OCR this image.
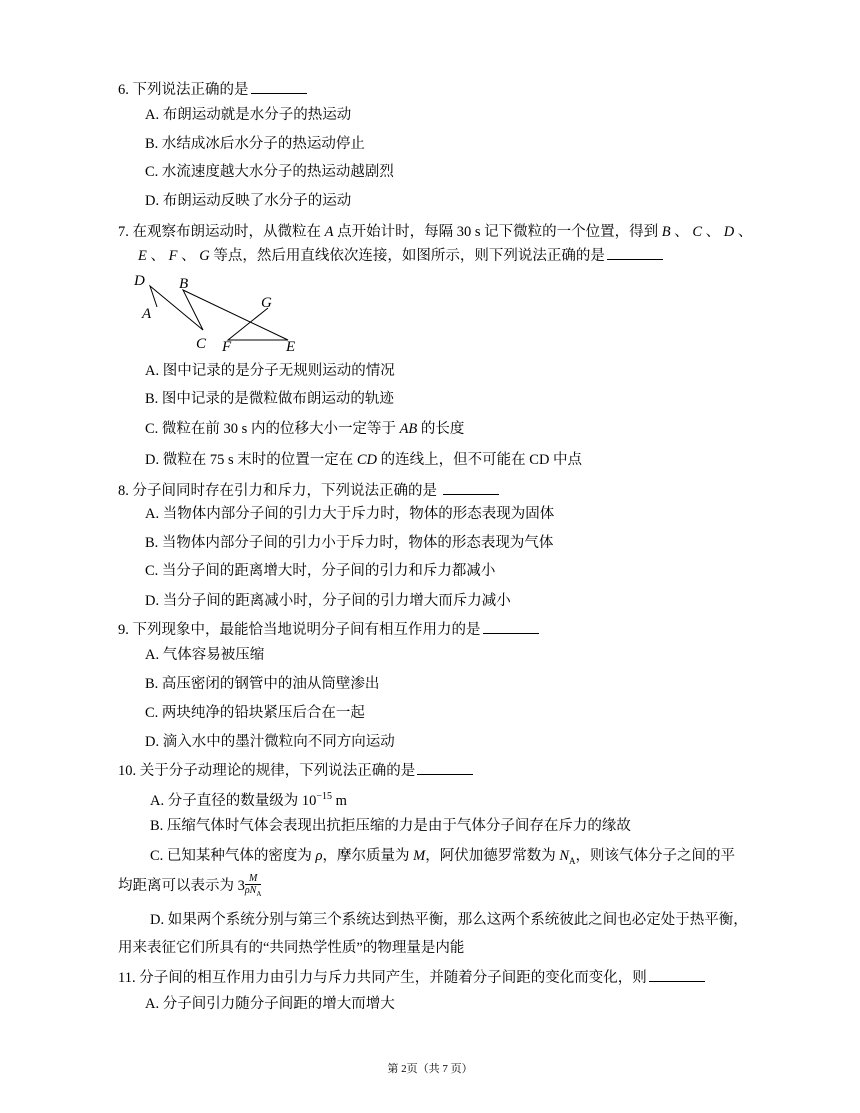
6. 下列说法正确的是
A. 布朗运动就是水分子的热运动
B. 水结成冰后水分子的热运动停止
C. 水流速度越大水分子的热运动越剧烈
D. 布朗运动反映了水分子的运动
7. 在观察布朗运动时，从微粒在 A 点开始计时，每隔 30 s 记下微粒的一个位置，得到 B 、 C 、 D 、
E 、 F 、 G 等点，然后用直线依次连接，如图所示，则下列说法正确的是
D B
A
C F	E
G
A. 图中记录的是分子无规则运动的情况
B. 图中记录的是微粒做布朗运动的轨迹
C. 微粒在前 30 s 内的位移大小一定等于 AB 的长度
D. 微粒在 75 s 末时的位置一定在 CD 的连线上，但不可能在 CD 中点
8. 分子间同时存在引力和斥力，下列说法正确的是
A. 当物体内部分子间的引力大于斥力时，物体的形态表现为固体
B. 当物体内部分子间的引力小于斥力时，物体的形态表现为气体
C. 当分子间的距离增大时，分子间的引力和斥力都减小
D. 当分子间的距离减小时，分子间的引力增大而斥力减小
9. 下列现象中，最能恰当地说明分子间有相互作用力的是
A. 气体容易被压缩
B. 高压密闭的钢管中的油从筒壁渗出
C. 两块纯净的铅块紧压后合在一起
D. 滴入水中的墨汁微粒向不同方向运动
10. 关于分子动理论的规律，下列说法正确的是
A. 分子直径的数量级为 $10^{-15}$ m
B. 压缩气体时气体会表现出抗拒压缩的力是由于气体分子间存在斥力的缘故
C. 已知某种气体的密度为 ρ，摩尔质量为 M，阿伏加德罗常数为 $N_A$，则该气体分子之间的平
均距离可以表示为 $3 \frac{M}{\rho N_A}$
D. 如果两个系统分别与第三个系统达到热平衡，那么这两个系统彼此之间也必定处于热平衡，
用来表征它们所具有的“共同热学性质”的物理量是内能
11. 分子间的相互作用力由引力与斥力共同产生，并随着分子间距的变化而变化，则
A. 分子间引力随分子间距的增大而增大
第 2页（共 7 页）
